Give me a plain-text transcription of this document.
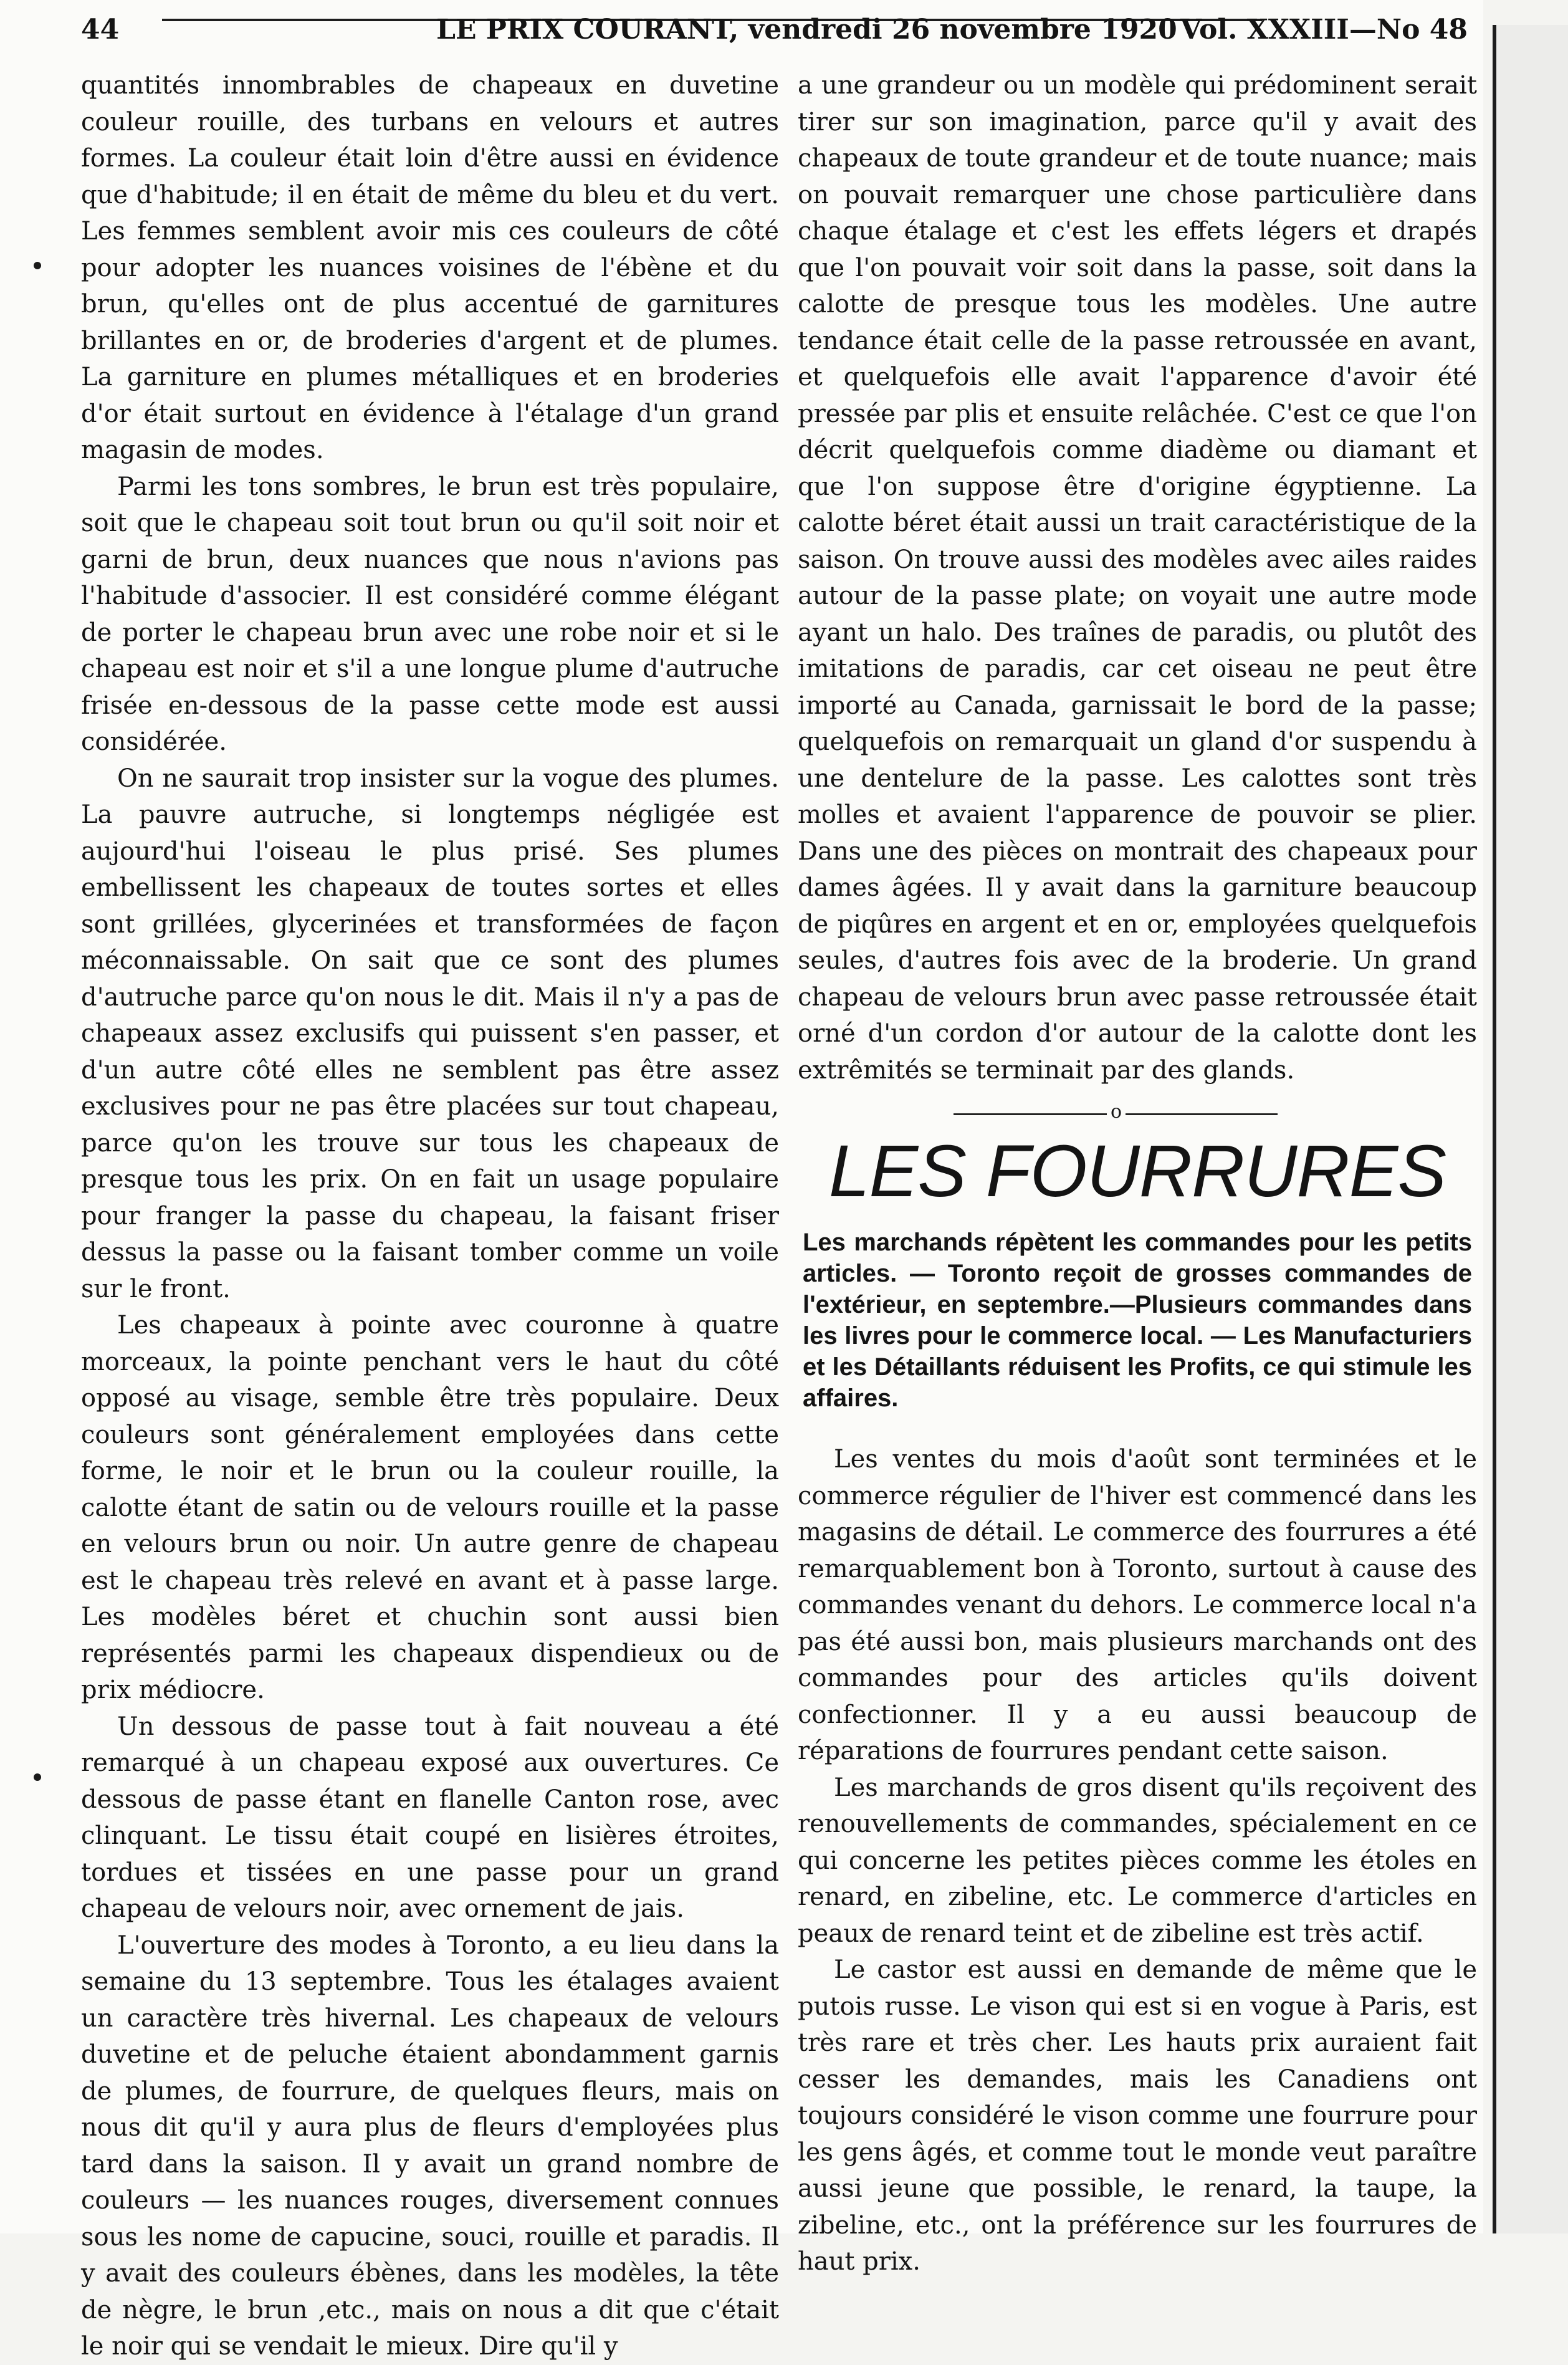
44	LE PRIX COURANT, vendredi 26 novembre 1920 Vol. XXXIII—No 48

quantités innombrables de chapeaux en duvetine couleur rouille, des turbans en velours et autres formes. La couleur était loin d'être aussi en évidence que d'habitude; il en était de même du bleu et du vert. Les femmes semblent avoir mis ces couleurs de côté pour adopter les nuances voisines de l'ébène et du brun, qu'elles ont de plus accentué de garnitures brillantes en or, de broderies d'argent et de plumes. La garniture en plumes métalliques et en broderies d'or était surtout en évidence à l'étalage d'un grand magasin de modes.

Parmi les tons sombres, le brun est très populaire, soit que le chapeau soit tout brun ou qu'il soit noir et garni de brun, deux nuances que nous n'avions pas l'habitude d'associer. Il est considéré comme élégant de porter le chapeau brun avec une robe noir et si le chapeau est noir et s'il a une longue plume d'autruche frisée en-dessous de la passe cette mode est aussi considérée.

On ne saurait trop insister sur la vogue des plumes. La pauvre autruche, si longtemps négligée est aujourd'hui l'oiseau le plus prisé. Ses plumes embellissent les chapeaux de toutes sortes et elles sont grillées, glycerinées et transformées de façon méconnaissable. On sait que ce sont des plumes d'autruche parce qu'on nous le dit. Mais il n'y a pas de chapeaux assez exclusifs qui puissent s'en passer, et d'un autre côté elles ne semblent pas être assez exclusives pour ne pas être placées sur tout chapeau, parce qu'on les trouve sur tous les chapeaux de presque tous les prix. On en fait un usage populaire pour franger la passe du chapeau, la faisant friser dessus la passe ou la faisant tomber comme un voile sur le front.

Les chapeaux à pointe avec couronne à quatre morceaux, la pointe penchant vers le haut du côté opposé au visage, semble être très populaire. Deux couleurs sont généralement employées dans cette forme, le noir et le brun ou la couleur rouille, la calotte étant de satin ou de velours rouille et la passe en velours brun ou noir. Un autre genre de chapeau est le chapeau très relevé en avant et à passe large. Les modèles béret et chuchin sont aussi bien représentés parmi les chapeaux dispendieux ou de prix médiocre.

Un dessous de passe tout à fait nouveau a été remarqué à un chapeau exposé aux ouvertures. Ce dessous de passe étant en flanelle Canton rose, avec clinquant. Le tissu était coupé en lisières étroites, tordues et tissées en une passe pour un grand chapeau de velours noir, avec ornement de jais.

L'ouverture des modes à Toronto, a eu lieu dans la semaine du 13 septembre. Tous les étalages avaient un caractère très hivernal. Les chapeaux de velours duvetine et de peluche étaient abondamment garnis de plumes, de fourrure, de quelques fleurs, mais on nous dit qu'il y aura plus de fleurs d'employées plus tard dans la saison. Il y avait un grand nombre de couleurs — les nuances rouges, diversement connues sous les nome de capucine, souci, rouille et paradis. Il y avait des couleurs ébènes, dans les modèles, la tête de nègre, le brun ,etc., mais on nous a dit que c'était le noir qui se vendait le mieux. Dire qu'il y

a une grandeur ou un modèle qui prédominent serait tirer sur son imagination, parce qu'il y avait des chapeaux de toute grandeur et de toute nuance; mais on pouvait remarquer une chose particulière dans chaque étalage et c'est les effets légers et drapés que l'on pouvait voir soit dans la passe, soit dans la calotte de presque tous les modèles. Une autre tendance était celle de la passe retroussée en avant, et quelquefois elle avait l'apparence d'avoir été pressée par plis et ensuite relâchée. C'est ce que l'on décrit quelquefois comme diadème ou diamant et que l'on suppose être d'origine égyptienne. La calotte béret était aussi un trait caractéristique de la saison. On trouve aussi des modèles avec ailes raides autour de la passe plate; on voyait une autre mode ayant un halo. Des traînes de paradis, ou plutôt des imitations de paradis, car cet oiseau ne peut être importé au Canada, garnissait le bord de la passe; quelquefois on remarquait un gland d'or suspendu à une dentelure de la passe. Les calottes sont très molles et avaient l'apparence de pouvoir se plier. Dans une des pièces on montrait des chapeaux pour dames âgées. Il y avait dans la garniture beaucoup de piqûres en argent et en or, employées quelquefois seules, d'autres fois avec de la broderie. Un grand chapeau de velours brun avec passe retroussée était orné d'un cordon d'or autour de la calotte dont les extrêmités se terminait par des glands.

o
LES FOURRURES
Les marchands répètent les commandes pour les petits articles. — Toronto reçoit de grosses commandes de l'extérieur, en septembre.—Plusieurs commandes dans les livres pour le commerce local. — Les Manufacturiers et les Détaillants réduisent les Profits, ce qui stimule les affaires.

Les ventes du mois d'août sont terminées et le commerce régulier de l'hiver est commencé dans les magasins de détail. Le commerce des fourrures a été remarquablement bon à Toronto, surtout à cause des commandes venant du dehors. Le commerce local n'a pas été aussi bon, mais plusieurs marchands ont des commandes pour des articles qu'ils doivent confectionner. Il y a eu aussi beaucoup de réparations de fourrures pendant cette saison.

Les marchands de gros disent qu'ils reçoivent des renouvellements de commandes, spécialement en ce qui concerne les petites pièces comme les étoles en renard, en zibeline, etc. Le commerce d'articles en peaux de renard teint et de zibeline est très actif.

Le castor est aussi en demande de même que le putois russe. Le vison qui est si en vogue à Paris, est très rare et très cher. Les hauts prix auraient fait cesser les demandes, mais les Canadiens ont toujours considéré le vison comme une fourrure pour les gens âgés, et comme tout le monde veut paraître aussi jeune que possible, le renard, la taupe, la zibeline, etc., ont la préférence sur les fourrures de haut prix.
